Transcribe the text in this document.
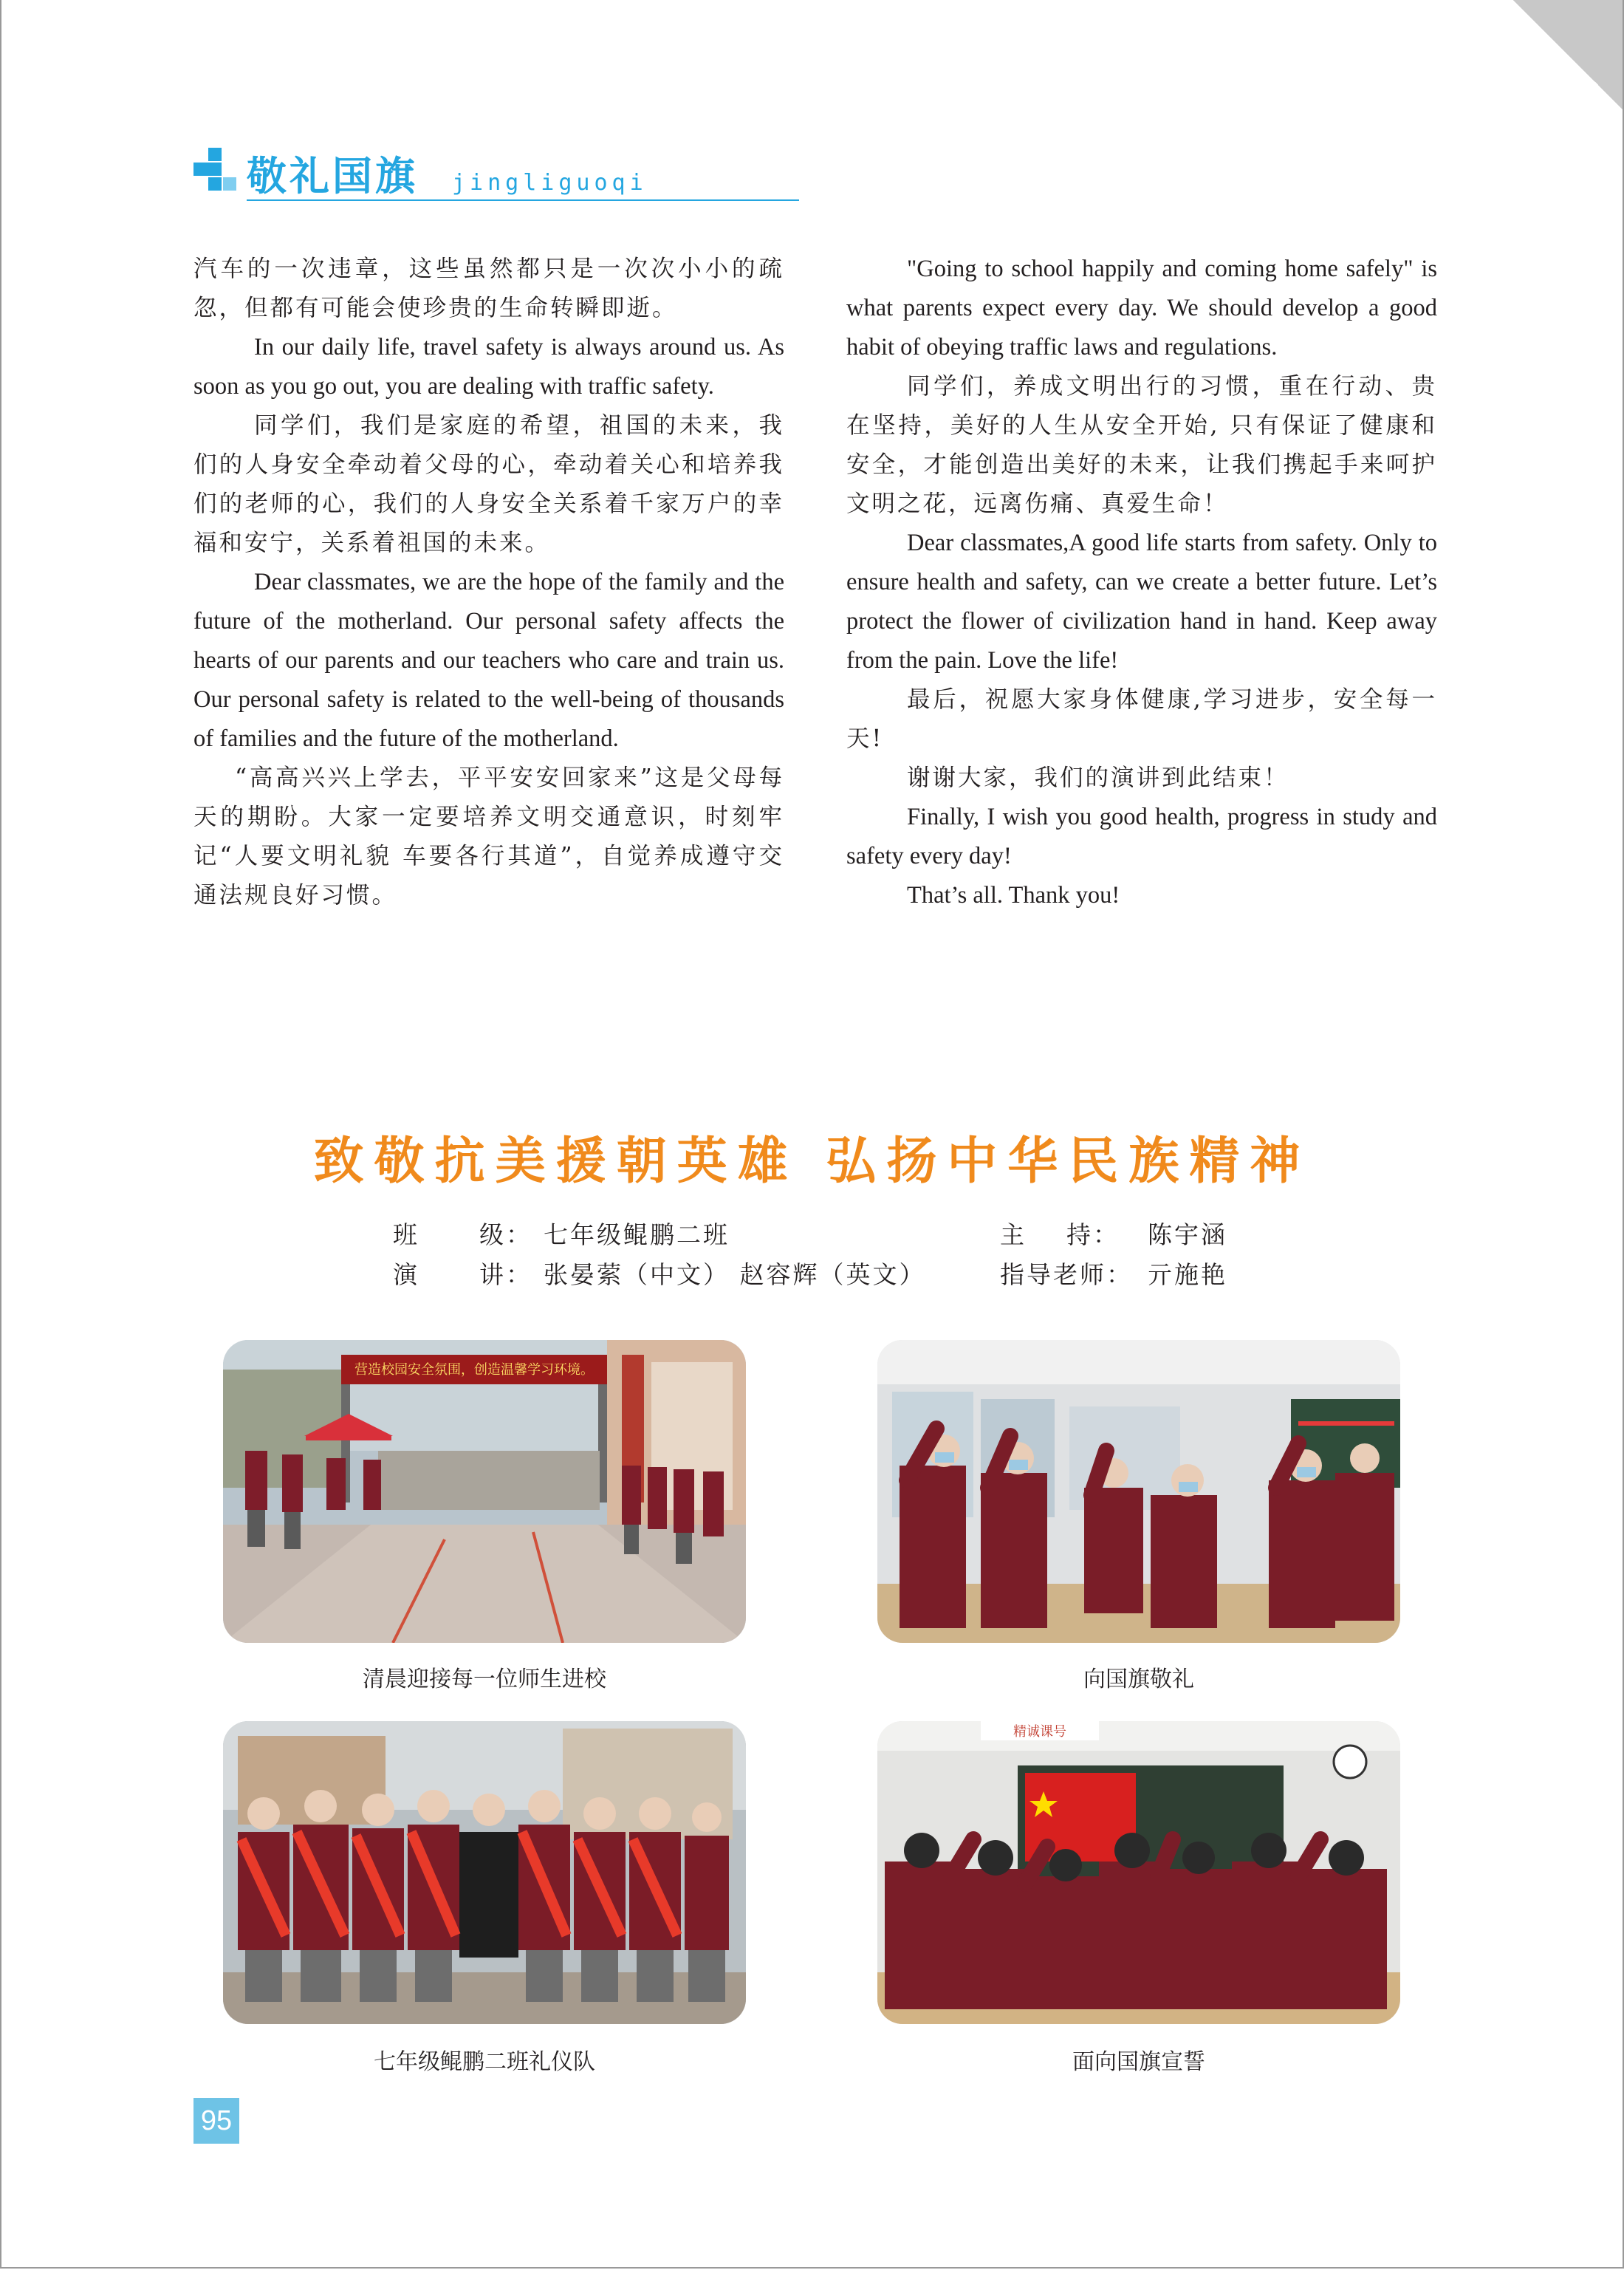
敬礼国旗 jingliguoqi

汽车的一次违章，这些虽然都只是一次次小小的疏忽，但都有可能会使珍贵的生命转瞬即逝。

In our daily life, travel safety is always around us. As soon as you go out, you are dealing with traffic safety.

同学们，我们是家庭的希望，祖国的未来，我们的人身安全牵动着父母的心，牵动着关心和培养我们的老师的心，我们的人身安全关系着千家万户的幸福和安宁，关系着祖国的未来。

Dear classmates, we are the hope of the family and the future of the motherland. Our personal safety affects the hearts of our parents and our teachers who care and train us. Our personal safety is related to the well-being of thousands of families and the future of the motherland.

“高高兴兴上学去，平平安安回家来”这是父母每天的期盼。大家一定要培养文明交通意识，时刻牢记“人要文明礼貌 车要各行其道”，自觉养成遵守交通法规良好习惯。

"Going to school happily and coming home safely" is what parents expect every day. We should develop a good habit of obeying traffic laws and regulations.

同学们，养成文明出行的习惯，重在行动、贵在坚持，美好的人生从安全开始, 只有保证了健康和安全，才能创造出美好的未来，让我们携起手来呵护文明之花，远离伤痛、真爱生命！

Dear classmates,A good life starts from safety. Only to ensure health and safety, can we create a better future. Let’s protect the flower of civilization hand in hand. Keep away from the pain. Love the life!

最后，祝愿大家身体健康,学习进步，安全每一天!

谢谢大家，我们的演讲到此结束！

Finally, I wish you good health, progress in study and safety every day!

That’s all. Thank you!

致敬抗美援朝英雄 弘扬中华民族精神
班      级： 七年级鲲鹏二班	主    持： 陈宇涵
演      讲： 张晏萦（中文） 赵容辉（英文）	指导老师： 亓施艳
营造校园安全氛围，创造温馨学习环境。
清晨迎接每一位师生进校	向国旗敬礼
七年级鲲鹏二班礼仪队
精诚课号
面向国旗宣誓
95
